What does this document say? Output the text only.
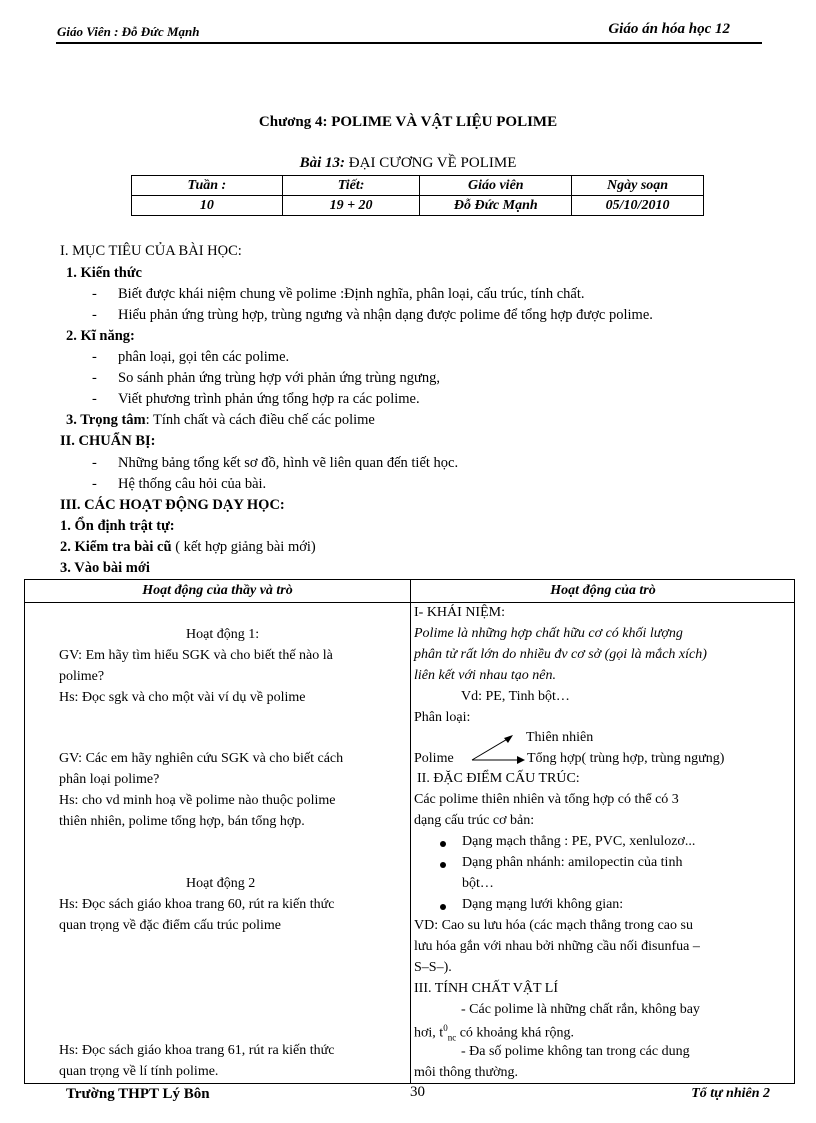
Giáo Viên : Đỗ Đức Mạnh	Giáo án hóa học 12
Chương 4: POLIME VÀ VẬT LIỆU POLIME
Bài 13: ĐẠI CƯƠNG VỀ POLIME
Tuần :	Tiết:	Giáo viên	Ngày soạn
10	19 + 20	Đỗ Đức Mạnh	05/10/2010
I. MỤC TIÊU CỦA BÀI HỌC:
1. Kiến thức
- Biết được khái niệm chung về polime :Định nghĩa, phân loại, cấu trúc, tính chất.
- Hiểu phản ứng trùng hợp, trùng ngưng và nhận dạng được polime để tổng hợp được polime.
2. Kĩ năng:
- phân loại, gọi tên các polime.
- So sánh phản ứng trùng hợp với phản ứng trùng ngưng,
- Viết phương trình phản ứng tổng hợp ra các polime.
3. Trọng tâm: Tính chất và cách điều chế các polime
II. CHUẨN BỊ:
- Những bảng tổng kết sơ đồ, hình vẽ liên quan đến tiết học.
- Hệ thống câu hỏi của bài.
III. CÁC HOẠT ĐỘNG DẠY HỌC:
1. Ổn định trật tự:
2. Kiểm tra bài cũ ( kết hợp giảng bài mới)
3. Vào bài mới
Hoạt động của thầy và trò	Hoạt động của trò
Hoạt động 1:
GV: Em hãy tìm hiểu SGK và cho biết thế nào là
polime?
Hs: Đọc sgk và cho một vài ví dụ về polime
GV: Các em hãy nghiên cứu SGK và cho biết cách
phân loại polime?
Hs: cho vd minh hoạ về polime nào thuộc polime
thiên nhiên, polime tổng hợp, bán tổng hợp.
Hoạt động 2
Hs: Đọc sách giáo khoa trang 60, rút ra kiến thức
quan trọng về đặc điểm cấu trúc polime
Hs: Đọc sách giáo khoa trang 61, rút ra kiến thức
quan trọng về lí tính polime.
I- KHÁI NIỆM:
Polime là những hợp chất hữu cơ có khối lượng
phân tử rất lớn do nhiều đv cơ sở (gọi là mắch xích)
liên kết với nhau tạo nên.
Vd: PE, Tinh bột…
Phân loại:
Thiên nhiên
Polime	Tổng hợp( trùng hợp, trùng ngưng)
II. ĐẶC ĐIỂM CẤU TRÚC:
Các polime thiên nhiên và tổng hợp có thể có 3
dạng cấu trúc cơ bản:
Dạng mạch thẳng : PE, PVC, xenlulozơ...
Dạng phân nhánh: amilopectin của tinh
bột…
Dạng mạng lưới không gian:
VD: Cao su lưu hóa (các mạch thẳng trong cao su
lưu hóa gắn với nhau bởi những cầu nối đisunfua –
S–S–).
III. TÍNH CHẤT VẬT LÍ
- Các polime là những chất rắn, không bay
hơi, $t^0_{nc}$ có khoảng khá rộng.
- Đa số polime không tan trong các dung
môi thông thường.
Trường THPT Lý Bôn	30	Tổ tự nhiên 2
